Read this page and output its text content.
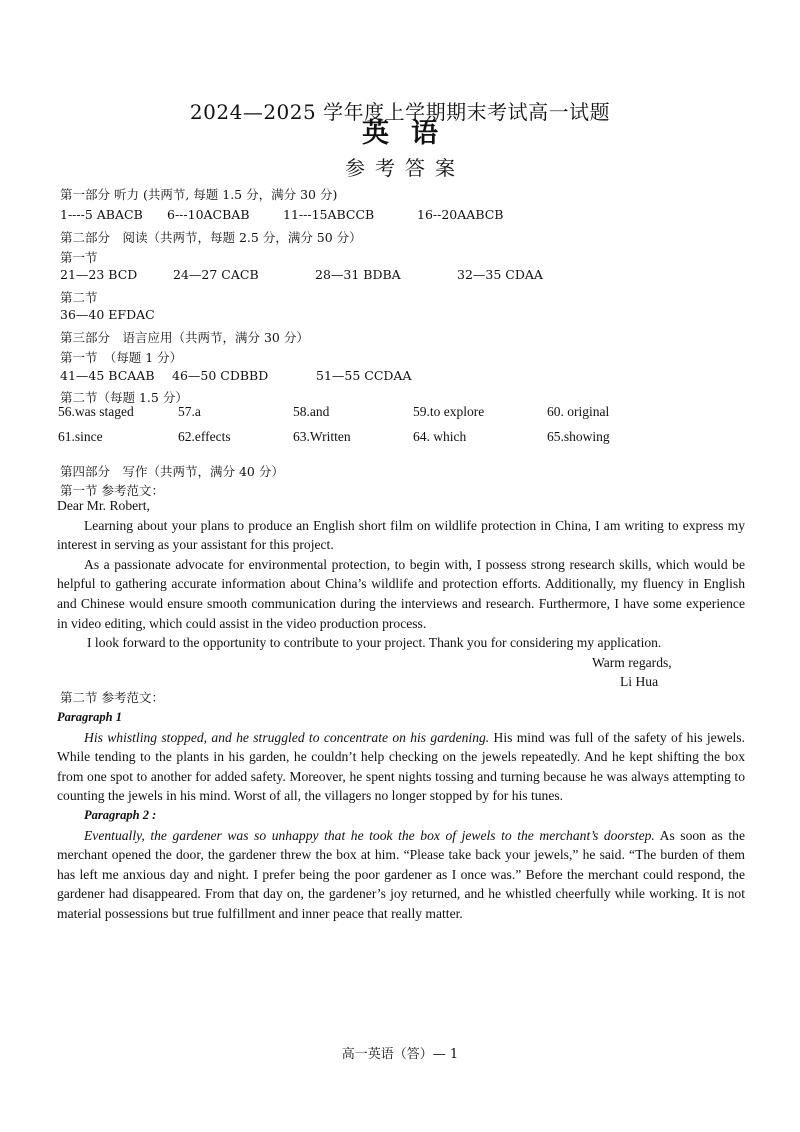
2024—2025 学年度上学期期末考试高一试题
英语
参考答案
第一部分 听力 (共两节, 每题 1.5 分，满分 30 分)
1----5 ABACB 6---10ACBAB	11---15ABCCB	16--20AABCB
第二部分　阅读（共两节，每题 2.5 分，满分 50 分）
第一节
21—23 BCD	24—27 CACB	28—31 BDBA	32—35 CDAA
第二节
36—40 EFDAC
第三部分　语言应用（共两节，满分 30 分）
第一节　（每题 1 分）
41—45 BCAAB 46—50 CDBBD	51—55 CCDAA
第二节（每题 1.5 分）
56.was staged	57.a	58.and	59.to explore	60. original
61.since	62.effects	63.Written	64. which	65.showing
第四部分　写作（共两节，满分 40 分）
第一节 参考范文：
Dear Mr. Robert,

Learning about your plans to produce an English short film on wildlife protection in China, I am writing to express my interest in serving as your assistant for this project.

As a passionate advocate for environmental protection, to begin with, I possess strong research skills, which would be helpful to gathering accurate information about China’s wildlife and protection efforts. Additionally, my fluency in English and Chinese would ensure smooth communication during the interviews and research. Furthermore, I have some experience in video editing, which could assist in the video production process.

I look forward to the opportunity to contribute to your project. Thank you for considering my application.

Warm regards,
Li Hua
第二节 参考范文：
Paragraph 1

His whistling stopped, and he struggled to concentrate on his gardening. His mind was full of the safety of his jewels. While tending to the plants in his garden, he couldn’t help checking on the jewels repeatedly. And he kept shifting the box from one spot to another for added safety. Moreover, he spent nights tossing and turning because he was always attempting to counting the jewels in his mind. Worst of all, the villagers no longer stopped by for his tunes.

Paragraph 2 :

Eventually, the gardener was so unhappy that he took the box of jewels to the merchant’s doorstep. As soon as the merchant opened the door, the gardener threw the box at him. “Please take back your jewels,” he said. “The burden of them has left me anxious day and night. I prefer being the poor gardener as I once was.” Before the merchant could respond, the gardener had disappeared. From that day on, the gardener’s joy returned, and he whistled cheerfully while working. It is not material possessions but true fulfillment and inner peace that really matter.

高一英语（答）— 1
